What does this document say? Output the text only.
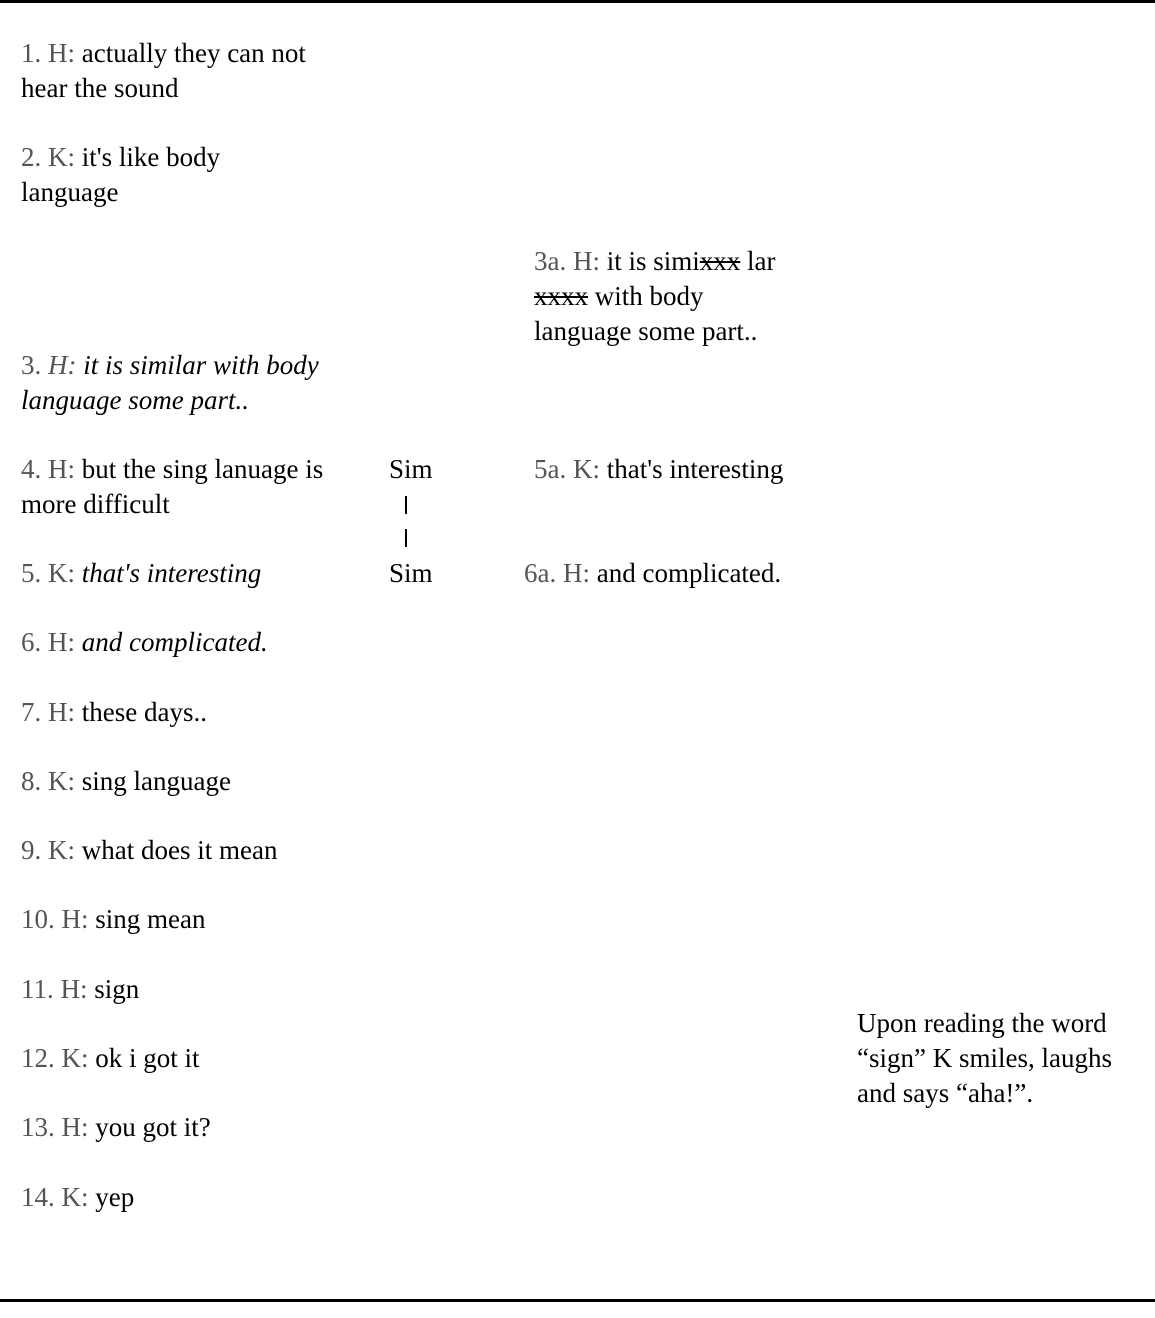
1. H: actually they can not
hear the sound
2. K: it's like body
language
3. H: it is similar with body
language some part..
4. H: but the sing lanuage is
more difficult
5. K: that's interesting
6. H: and complicated.
7. H: these days..
8. K: sing language
9. K: what does it mean
10. H: sing mean
11. H: sign
12. K: ok i got it
13. H: you got it?
14. K: yep
Sim
Sim
3a. H: it is simixxx lar
xxxx with body
language some part..
5a. K: that's interesting
6a. H: and complicated.
Upon reading the word
“sign” K smiles, laughs
and says “aha!”.
